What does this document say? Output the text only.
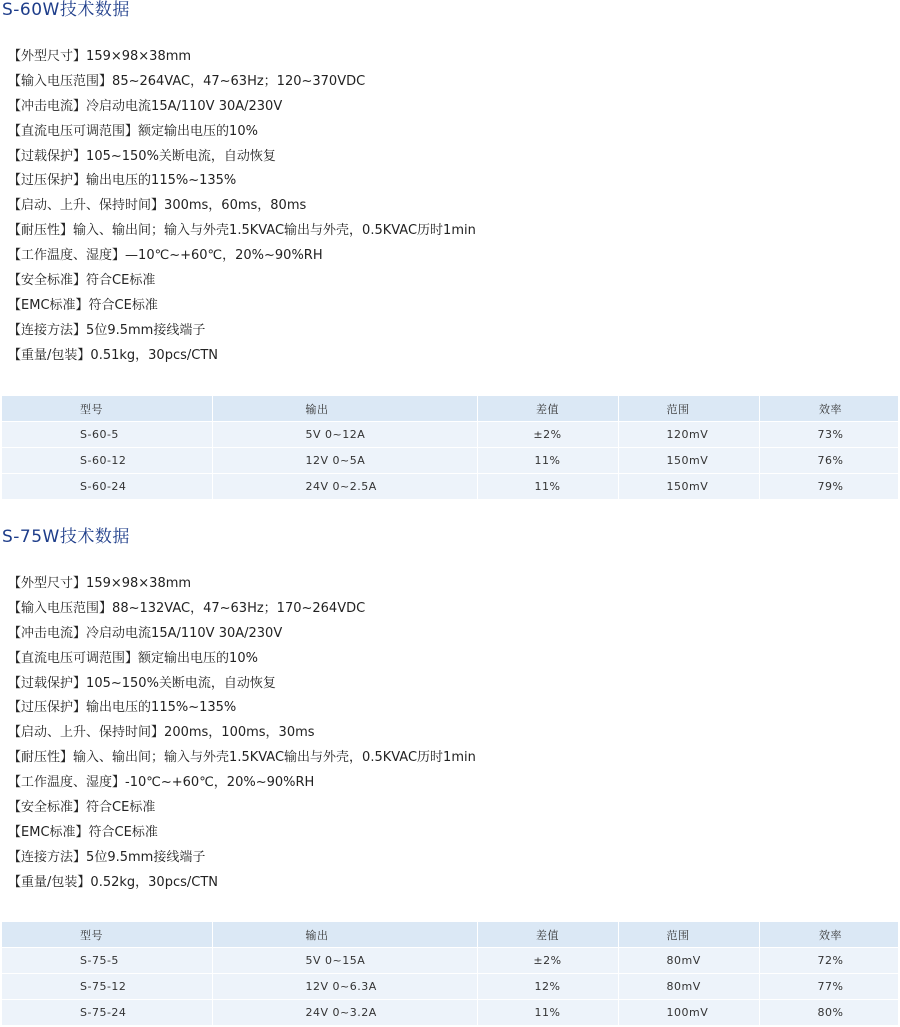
S-60W技术数据
【 外型尺寸 】 159×98×38mm
【 输入电压范围 】 85~264VAC，47~63Hz；120~370VDC
【 冲击电流 】 冷启动电流15A/110V 30A/230V
【 直流电压可调范围 】 额定输出电压的10%
【 过载保护 】 105~150%关断电流，自动恢复
【 过压保护 】 输出电压的115%~135%
【 启动、上升、保持时间 】 300ms，60ms，80ms
【 耐压性 】 输入、输出间；输入与外壳1.5KVAC输出与外壳，0.5KVAC历时1min
【 工作温度、湿度 】 —10℃~+60℃，20%~90%RH
【 安全标准 】 符合CE标准
【 EMC标准 】 符合CE标准
【 连接方法 】 5位9.5mm接线端子
【 重量/包装 】 0.51kg，30pcs/CTN
型号	输出	差值	范围	效率
S-60-5	5V 0~12A	±2%	120mV	73%
S-60-12	12V 0~5A	11%	150mV	76%
S-60-24	24V 0~2.5A	11%	150mV	79%
S-75W技术数据
【 外型尺寸 】 159×98×38mm
【 输入电压范围 】 88~132VAC，47~63Hz；170~264VDC
【 冲击电流 】 冷启动电流15A/110V 30A/230V
【 直流电压可调范围 】 额定输出电压的10%
【 过载保护 】 105~150%关断电流，自动恢复
【 过压保护 】 输出电压的115%~135%
【 启动、上升、保持时间 】 200ms，100ms，30ms
【 耐压性 】 输入、输出间；输入与外壳1.5KVAC输出与外壳，0.5KVAC历时1min
【 工作温度、湿度 】 -10℃~+60℃，20%~90%RH
【 安全标准 】 符合CE标准
【 EMC标准 】 符合CE标准
【 连接方法 】 5位9.5mm接线端子
【 重量/包装 】 0.52kg，30pcs/CTN
型号	输出	差值	范围	效率
S-75-5	5V 0~15A	±2%	80mV	72%
S-75-12	12V 0~6.3A	12%	80mV	77%
S-75-24	24V 0~3.2A	11%	100mV	80%
